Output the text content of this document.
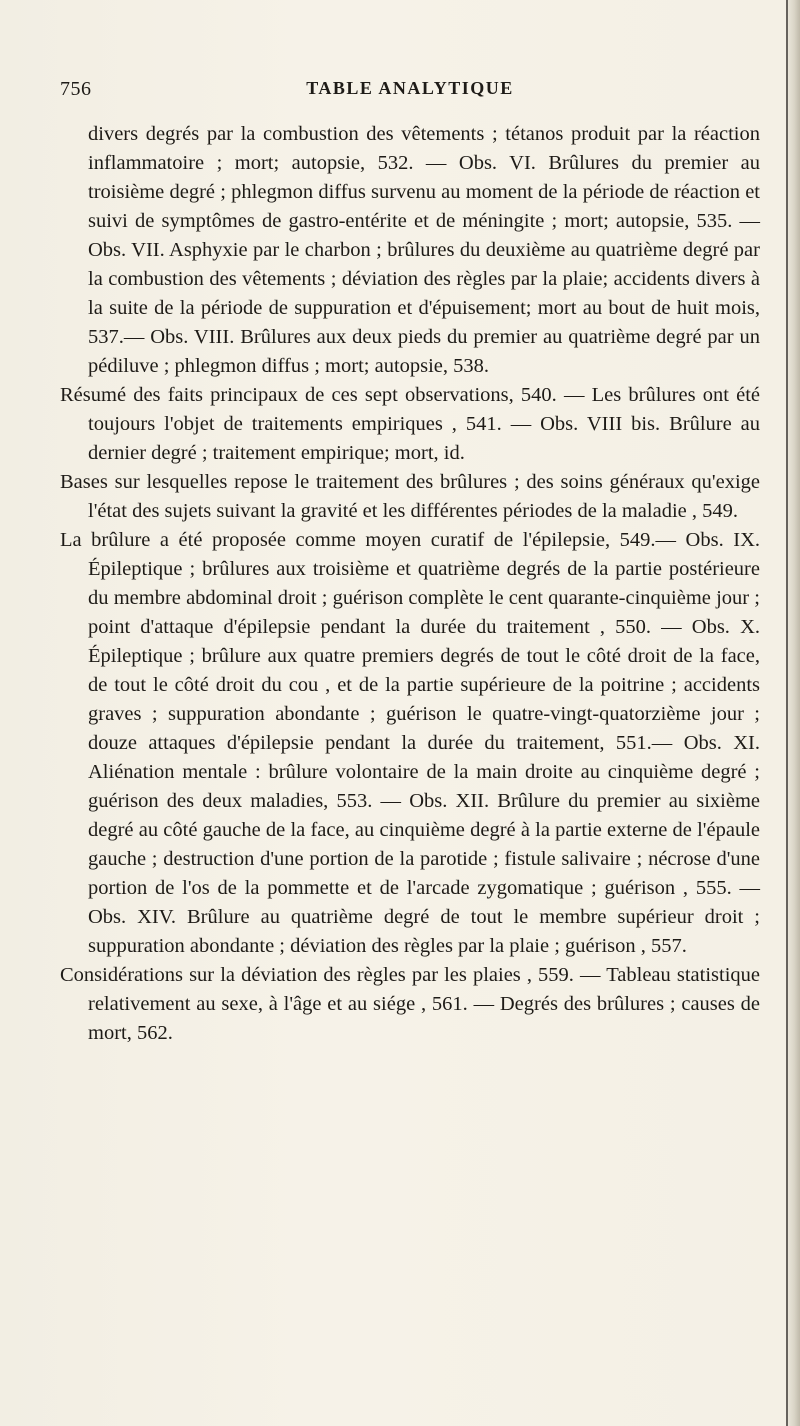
756	TABLE ANALYTIQUE

divers degrés par la combustion des vêtements ; tétanos produit par la réaction inflammatoire ; mort; autopsie, 532. — Obs. VI. Brûlures du premier au troisième degré ; phlegmon diffus survenu au moment de la période de réaction et suivi de symptômes de gastro-entérite et de méningite ; mort; autopsie, 535. — Obs. VII. Asphyxie par le charbon ; brûlures du deuxième au quatrième degré par la combustion des vêtements ; déviation des règles par la plaie; accidents divers à la suite de la période de suppuration et d'épuisement; mort au bout de huit mois, 537.— Obs. VIII. Brûlures aux deux pieds du premier au quatrième degré par un pédiluve ; phlegmon diffus ; mort; autopsie, 538.

Résumé des faits principaux de ces sept observations, 540. — Les brûlures ont été toujours l'objet de traitements empiriques , 541. — Obs. VIII bis. Brûlure au dernier degré ; traitement empirique; mort, id.

Bases sur lesquelles repose le traitement des brûlures ; des soins généraux qu'exige l'état des sujets suivant la gravité et les différentes périodes de la maladie , 549.

La brûlure a été proposée comme moyen curatif de l'épilepsie, 549.— Obs. IX. Épileptique ; brûlures aux troisième et quatrième degrés de la partie postérieure du membre abdominal droit ; guérison complète le cent quarante-cinquième jour ; point d'attaque d'épilepsie pendant la durée du traitement , 550. — Obs. X. Épileptique ; brûlure aux quatre premiers degrés de tout le côté droit de la face, de tout le côté droit du cou , et de la partie supérieure de la poitrine ; accidents graves ; suppuration abondante ; guérison le quatre-vingt-quatorzième jour ; douze attaques d'épilepsie pendant la durée du traitement, 551.— Obs. XI. Aliénation mentale : brûlure volontaire de la main droite au cinquième degré ; guérison des deux maladies, 553. — Obs. XII. Brûlure du premier au sixième degré au côté gauche de la face, au cinquième degré à la partie externe de l'épaule gauche ; destruction d'une portion de la parotide ; fistule salivaire ; nécrose d'une portion de l'os de la pommette et de l'arcade zygomatique ; guérison , 555. — Obs. XIV. Brûlure au quatrième degré de tout le membre supérieur droit ; suppuration abondante ; déviation des règles par la plaie ; guérison , 557.

Considérations sur la déviation des règles par les plaies , 559. — Tableau statistique relativement au sexe, à l'âge et au siége , 561. — Degrés des brûlures ; causes de mort, 562.
